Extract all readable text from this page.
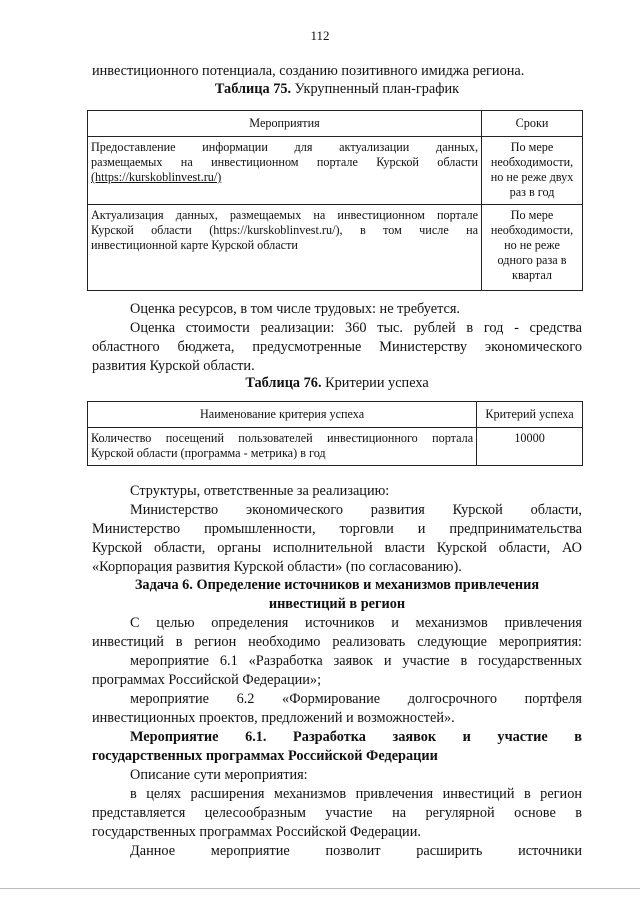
112
инвестиционного потенциала, созданию позитивного имиджа региона.
Таблица 75. Укрупненный план-график
Мероприятия	Сроки

Предоставление информации для актуализации данных,
размещаемых на инвестиционном портале Курской области
(https://kurskoblinvest.ru/)	По мере
необходимости,
но не реже двух
раз в год

Актуализация данных, размещаемых на инвестиционном портале
Курской области (https://kurskoblinvest.ru/), в том числе на
инвестиционной карте Курской области	По мере
необходимости,
но не реже
одного раза в
квартал
Оценка ресурсов, в том числе трудовых: не требуется.
Оценка стоимости реализации: 360 тыс. рублей в год - средства
областного бюджета, предусмотренные Министерству экономического
развития Курской области.
Таблица 76. Критерии успеха
Наименование критерия успеха	Критерий успеха

Количество посещений пользователей инвестиционного портала
Курской области (программа - метрика) в год	10000
Структуры, ответственные за реализацию:
Министерство экономического развития Курской области,
Министерство промышленности, торговли и предпринимательства
Курской области, органы исполнительной власти Курской области, АО
«Корпорация развития Курской области» (по согласованию).
Задача 6. Определение источников и механизмов привлечения
инвестиций в регион
С целью определения источников и механизмов привлечения
инвестиций в регион необходимо реализовать следующие мероприятия:
мероприятие 6.1 «Разработка заявок и участие в государственных
программах Российской Федерации»;
мероприятие 6.2 «Формирование долгосрочного портфеля
инвестиционных проектов, предложений и возможностей».
Мероприятие 6.1. Разработка заявок и участие в
государственных программах Российской Федерации
Описание сути мероприятия:
в целях расширения механизмов привлечения инвестиций в регион
представляется целесообразным участие на регулярной основе в
государственных программах Российской Федерации.
Данное мероприятие позволит расширить источники
